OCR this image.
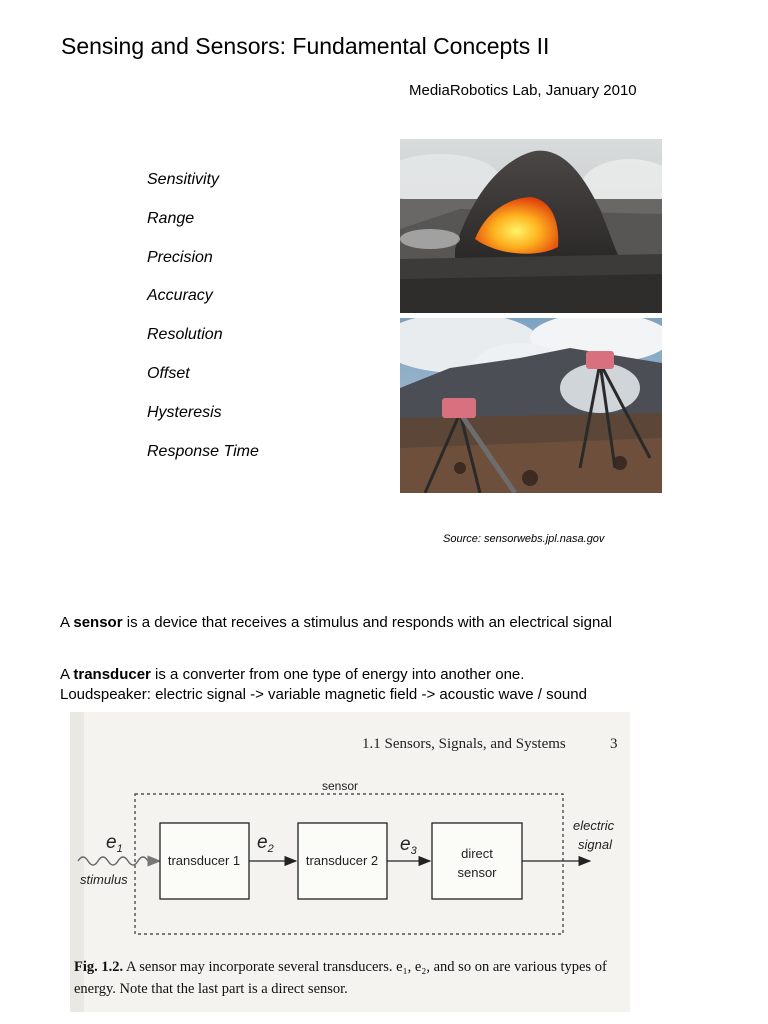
Sensing and Sensors: Fundamental Concepts II
MediaRobotics Lab, January 2010
Sensitivity
Range
Precision
Accuracy
Resolution
Offset
Hysteresis
Response Time
Source: sensorwebs.jpl.nasa.gov
A sensor is a device that receives a stimulus and responds with an electrical signal
A transducer is a converter from one type of energy into another one.
Loudspeaker: electric signal -> variable magnetic field -> acoustic wave / sound
1.1 Sensors, Signals, and Systems	3
sensor
$e_1$
stimulus
transducer 1
$e_2$
transducer 2
$e_3$	direct
sensor
electric
signal
Fig. 1.2. A sensor may incorporate several transducers. e₁, e₂, and so on are various types of
energy. Note that the last part is a direct sensor.
